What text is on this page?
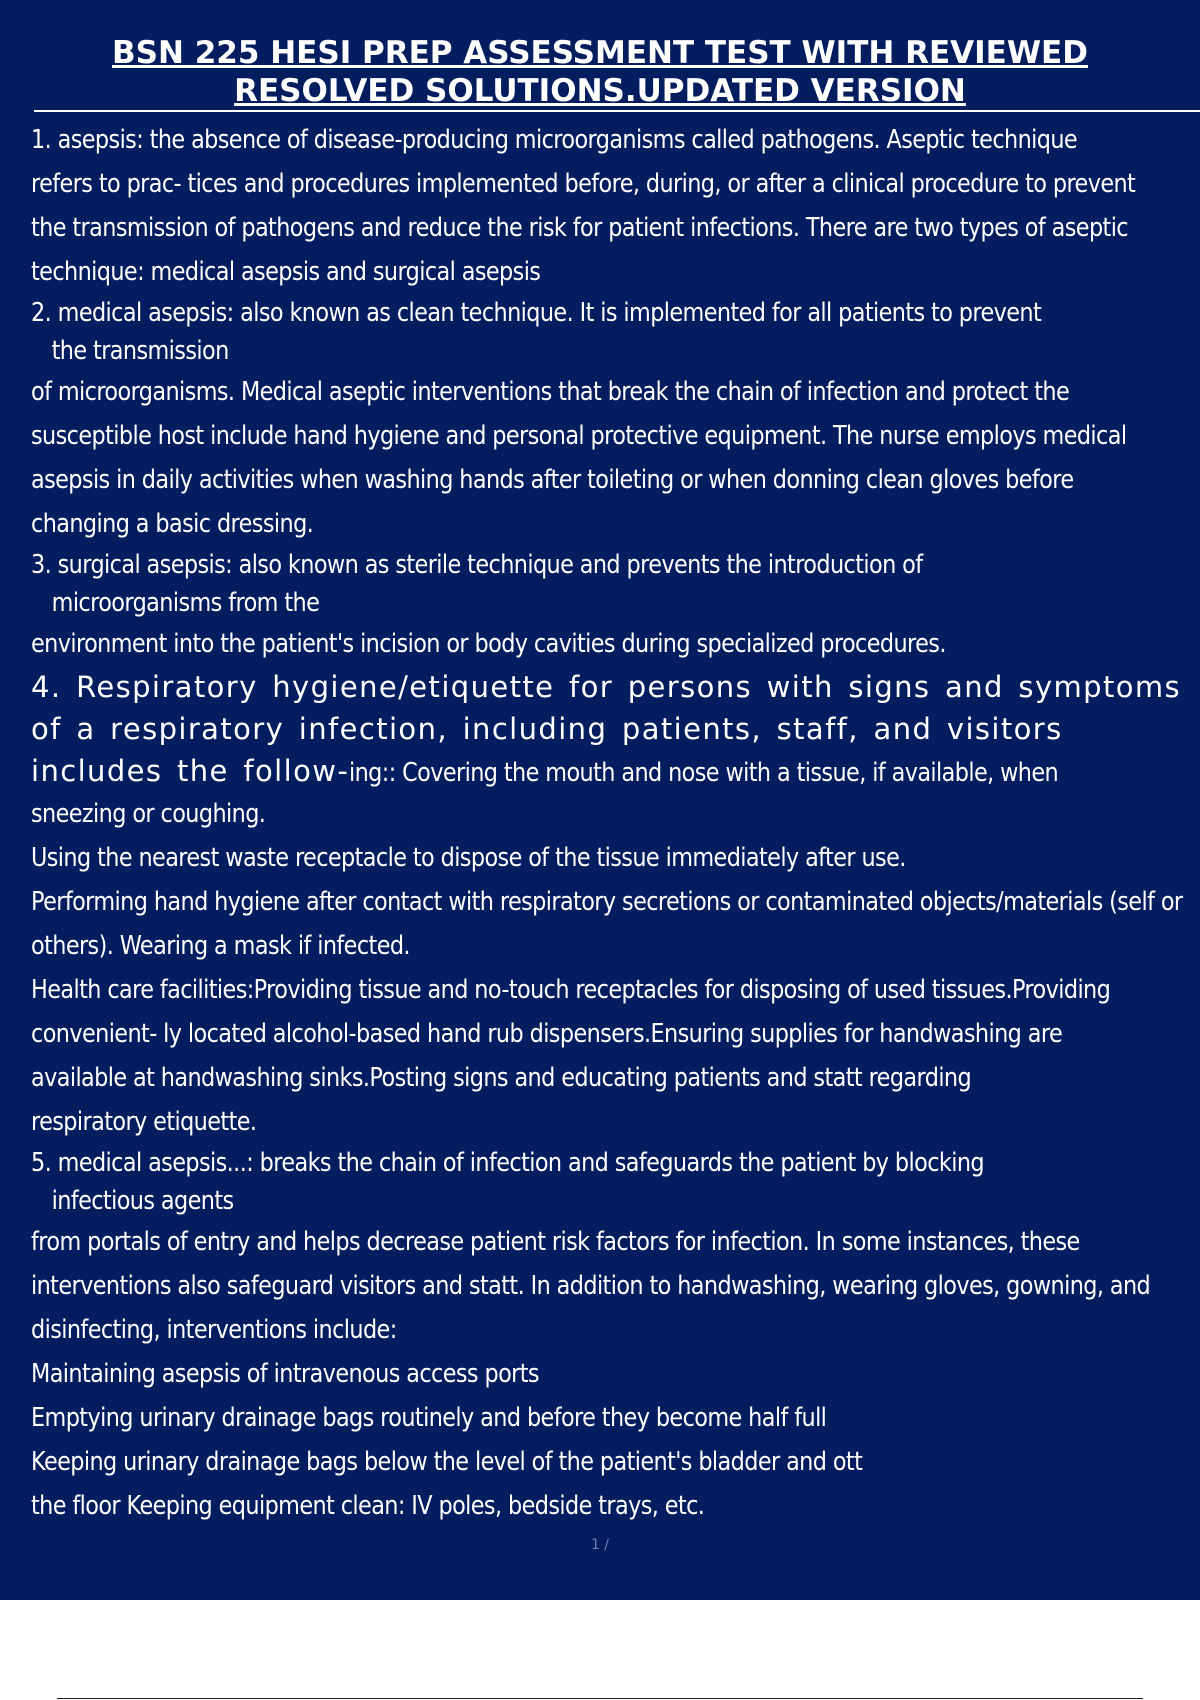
BSN 225 HESI PREP ASSESSMENT TEST WITH REVIEWED
RESOLVED SOLUTIONS.UPDATED VERSION
1. asepsis: the absence of disease-producing microorganisms called pathogens. Aseptic technique
refers to prac- tices and procedures implemented before, during, or after a clinical procedure to prevent
the transmission of pathogens and reduce the risk for patient infections. There are two types of aseptic
technique: medical asepsis and surgical asepsis
2. medical asepsis: also known as clean technique. It is implemented for all patients to prevent
the transmission
of microorganisms. Medical aseptic interventions that break the chain of infection and protect the
susceptible host include hand hygiene and personal protective equipment. The nurse employs medical
asepsis in daily activities when washing hands after toileting or when donning clean gloves before
changing a basic dressing.
3. surgical asepsis: also known as sterile technique and prevents the introduction of
microorganisms from the
environment into the patient's incision or body cavities during specialized procedures.
4. Respiratory hygiene/etiquette for persons with signs and symptoms
of a respiratory infection, including patients, staff, and visitors
includes the follow-ing:: Covering the mouth and nose with a tissue, if available, when
sneezing or coughing.
Using the nearest waste receptacle to dispose of the tissue immediately after use.
Performing hand hygiene after contact with respiratory secretions or contaminated objects/materials (self or
others). Wearing a mask if infected.
Health care facilities:Providing tissue and no-touch receptacles for disposing of used tissues.Providing
convenient- ly located alcohol-based hand rub dispensers.Ensuring supplies for handwashing are
available at handwashing sinks.Posting signs and educating patients and statt regarding
respiratory etiquette.
5. medical asepsis...: breaks the chain of infection and safeguards the patient by blocking
infectious agents
from portals of entry and helps decrease patient risk factors for infection. In some instances, these
interventions also safeguard visitors and statt. In addition to handwashing, wearing gloves, gowning, and
disinfecting, interventions include:
Maintaining asepsis of intravenous access ports
Emptying urinary drainage bags routinely and before they become half full
Keeping urinary drainage bags below the level of the patient's bladder and ott
the floor Keeping equipment clean: IV poles, bedside trays, etc.
1 /
